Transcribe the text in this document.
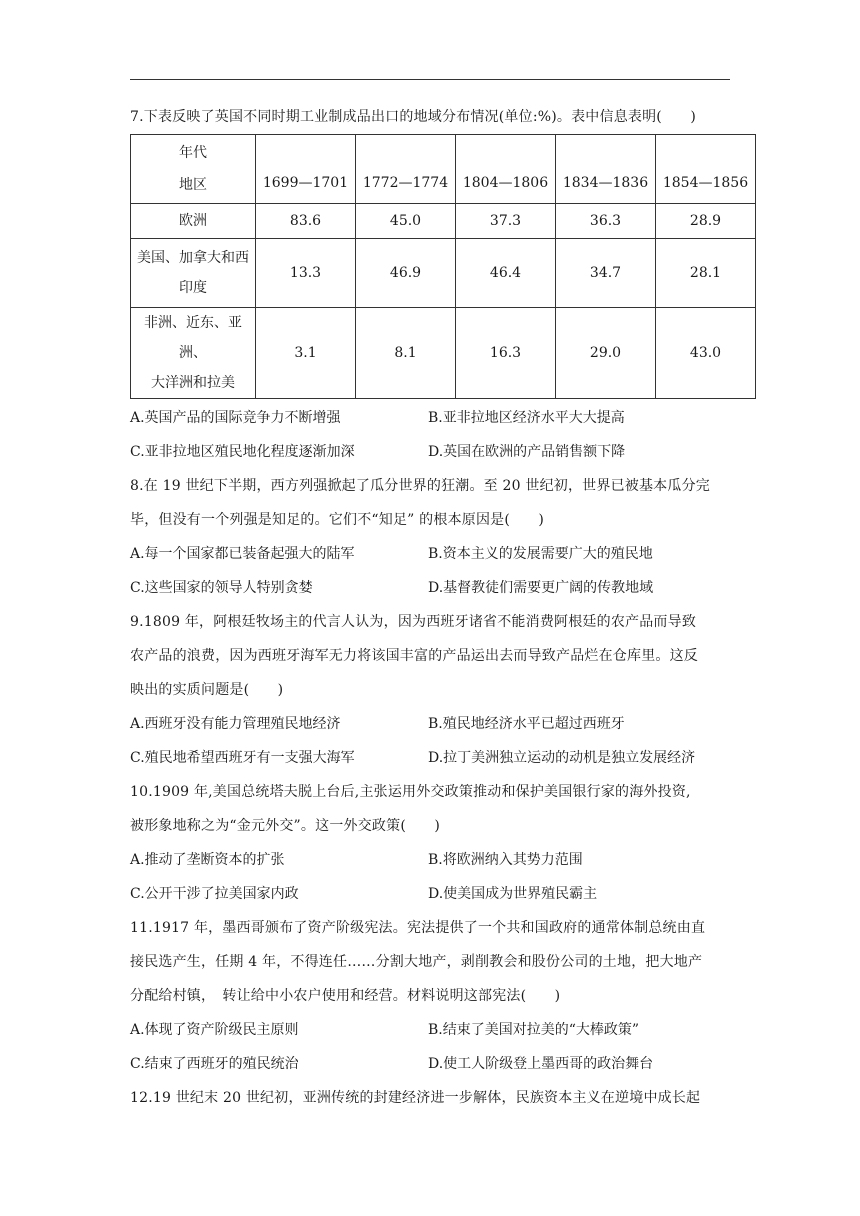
7.下表反映了英国不同时期工业制成品出口的地域分布情况(单位:%)。表中信息表明(　　)
年代
地区	1699—1701	1772—1774	1804—1806	1834—1836	1854—1856

欧洲	83.6	45.0	37.3	36.3	28.9

美国、加拿大和西
印度	13.3	46.9	46.4	34.7	28.1

非洲、近东、亚洲、
大洋洲和拉美	3.1	8.1	16.3	29.0	43.0
A.英国产品的国际竞争力不断增强	B.亚非拉地区经济水平大大提高
C.亚非拉地区殖民地化程度逐渐加深	D.英国在欧洲的产品销售额下降
8.在 19 世纪下半期，西方列强掀起了瓜分世界的狂潮。至 20 世纪初，世界已被基本瓜分完
毕，但没有一个列强是知足的。它们不“知足” 的根本原因是(　　)
A.每一个国家都已装备起强大的陆军	B.资本主义的发展需要广大的殖民地
C.这些国家的领导人特别贪婪	D.基督教徒们需要更广阔的传教地域
9.1809 年，阿根廷牧场主的代言人认为，因为西班牙诸省不能消费阿根廷的农产品而导致
农产品的浪费，因为西班牙海军无力将该国丰富的产品运出去而导致产品烂在仓库里。这反
映出的实质问题是(　　)
A.西班牙没有能力管理殖民地经济	B.殖民地经济水平已超过西班牙
C.殖民地希望西班牙有一支强大海军	D.拉丁美洲独立运动的动机是独立发展经济
10.1909 年,美国总统塔夫脱上台后,主张运用外交政策推动和保护美国银行家的海外投资,
被形象地称之为“金元外交”。这一外交政策(　　)
A.推动了垄断资本的扩张	B.将欧洲纳入其势力范围
C.公开干涉了拉美国家内政	D.使美国成为世界殖民霸主
11.1917 年，墨西哥颁布了资产阶级宪法。宪法提供了一个共和国政府的通常体制总统由直
接民选产生，任期 4 年，不得连任……分割大地产，剥削教会和股份公司的土地，把大地产
分配给村镇，　转让给中小农户使用和经营。材料说明这部宪法(　　)
A.体现了资产阶级民主原则	B.结束了美国对拉美的“大棒政策”
C.结束了西班牙的殖民统治	D.使工人阶级登上墨西哥的政治舞台
12.19 世纪末 20 世纪初，亚洲传统的封建经济进一步解体，民族资本主义在逆境中成长起
